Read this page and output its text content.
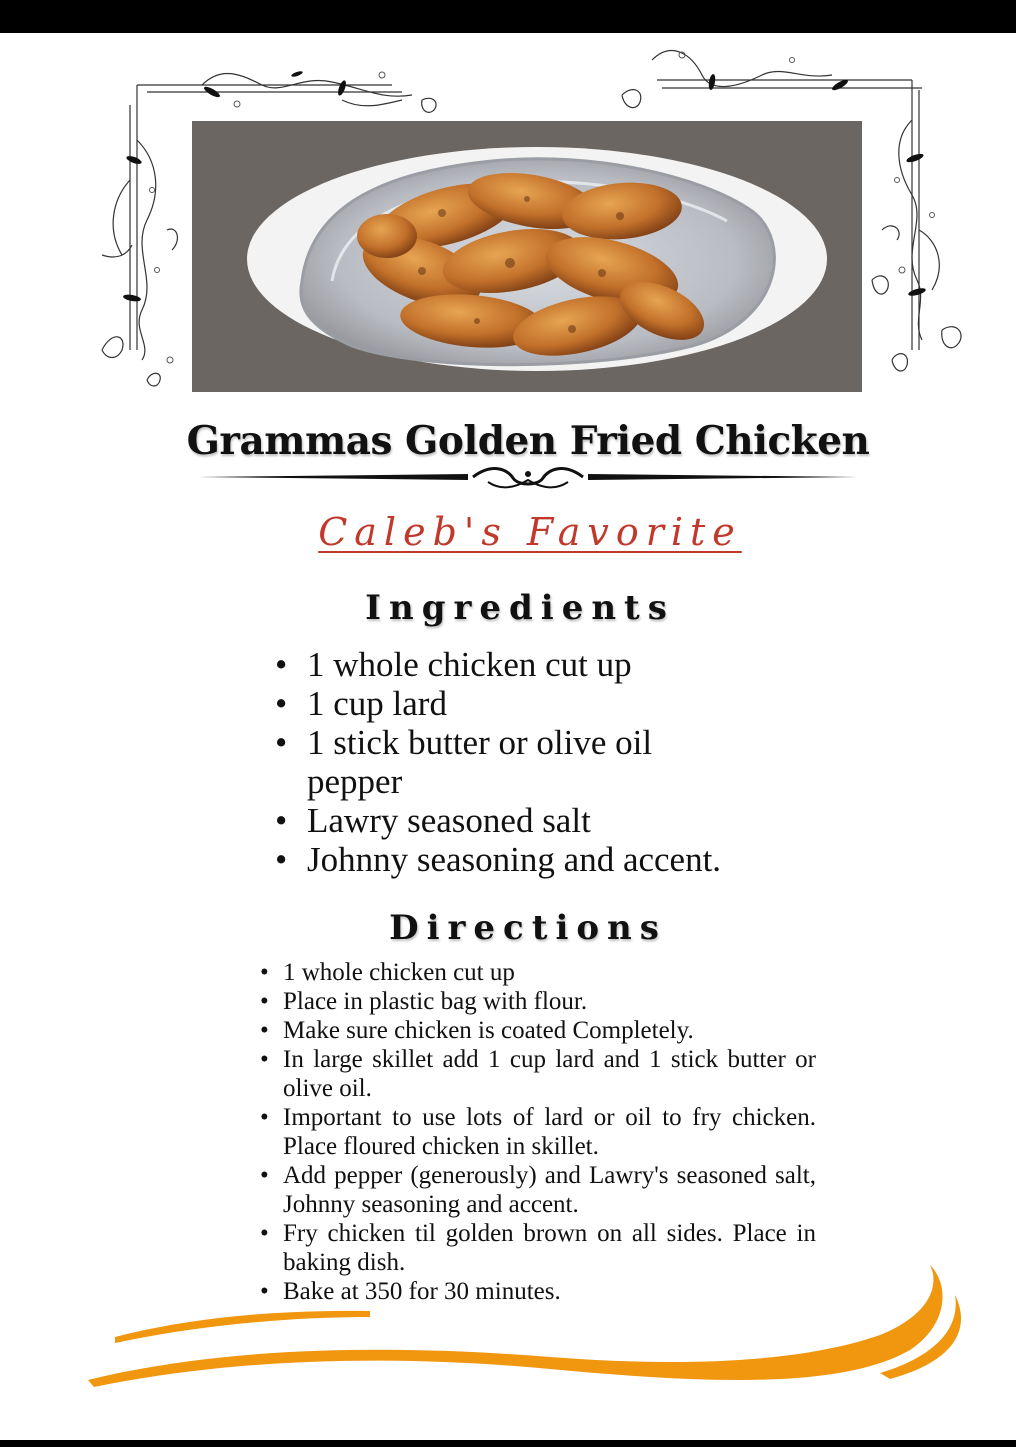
Grammas Golden Fried Chicken
Caleb's Favorite
Ingredients
• 1 whole chicken cut up
• 1 cup lard
• 1 stick butter or olive oil pepper
• Lawry seasoned salt
• Johnny seasoning and accent.
Directions
• 1 whole chicken cut up
• Place in plastic bag with flour.
• Make sure chicken is coated Completely.
• In large skillet add 1 cup lard and 1 stick butter or olive oil.
• Important to use lots of lard or oil to fry chicken. Place floured chicken in skillet.
• Add pepper (generously) and Lawry's seasoned salt, Johnny seasoning and accent.
• Fry chicken til golden brown on all sides. Place in baking dish.
• Bake at 350 for 30 minutes.
